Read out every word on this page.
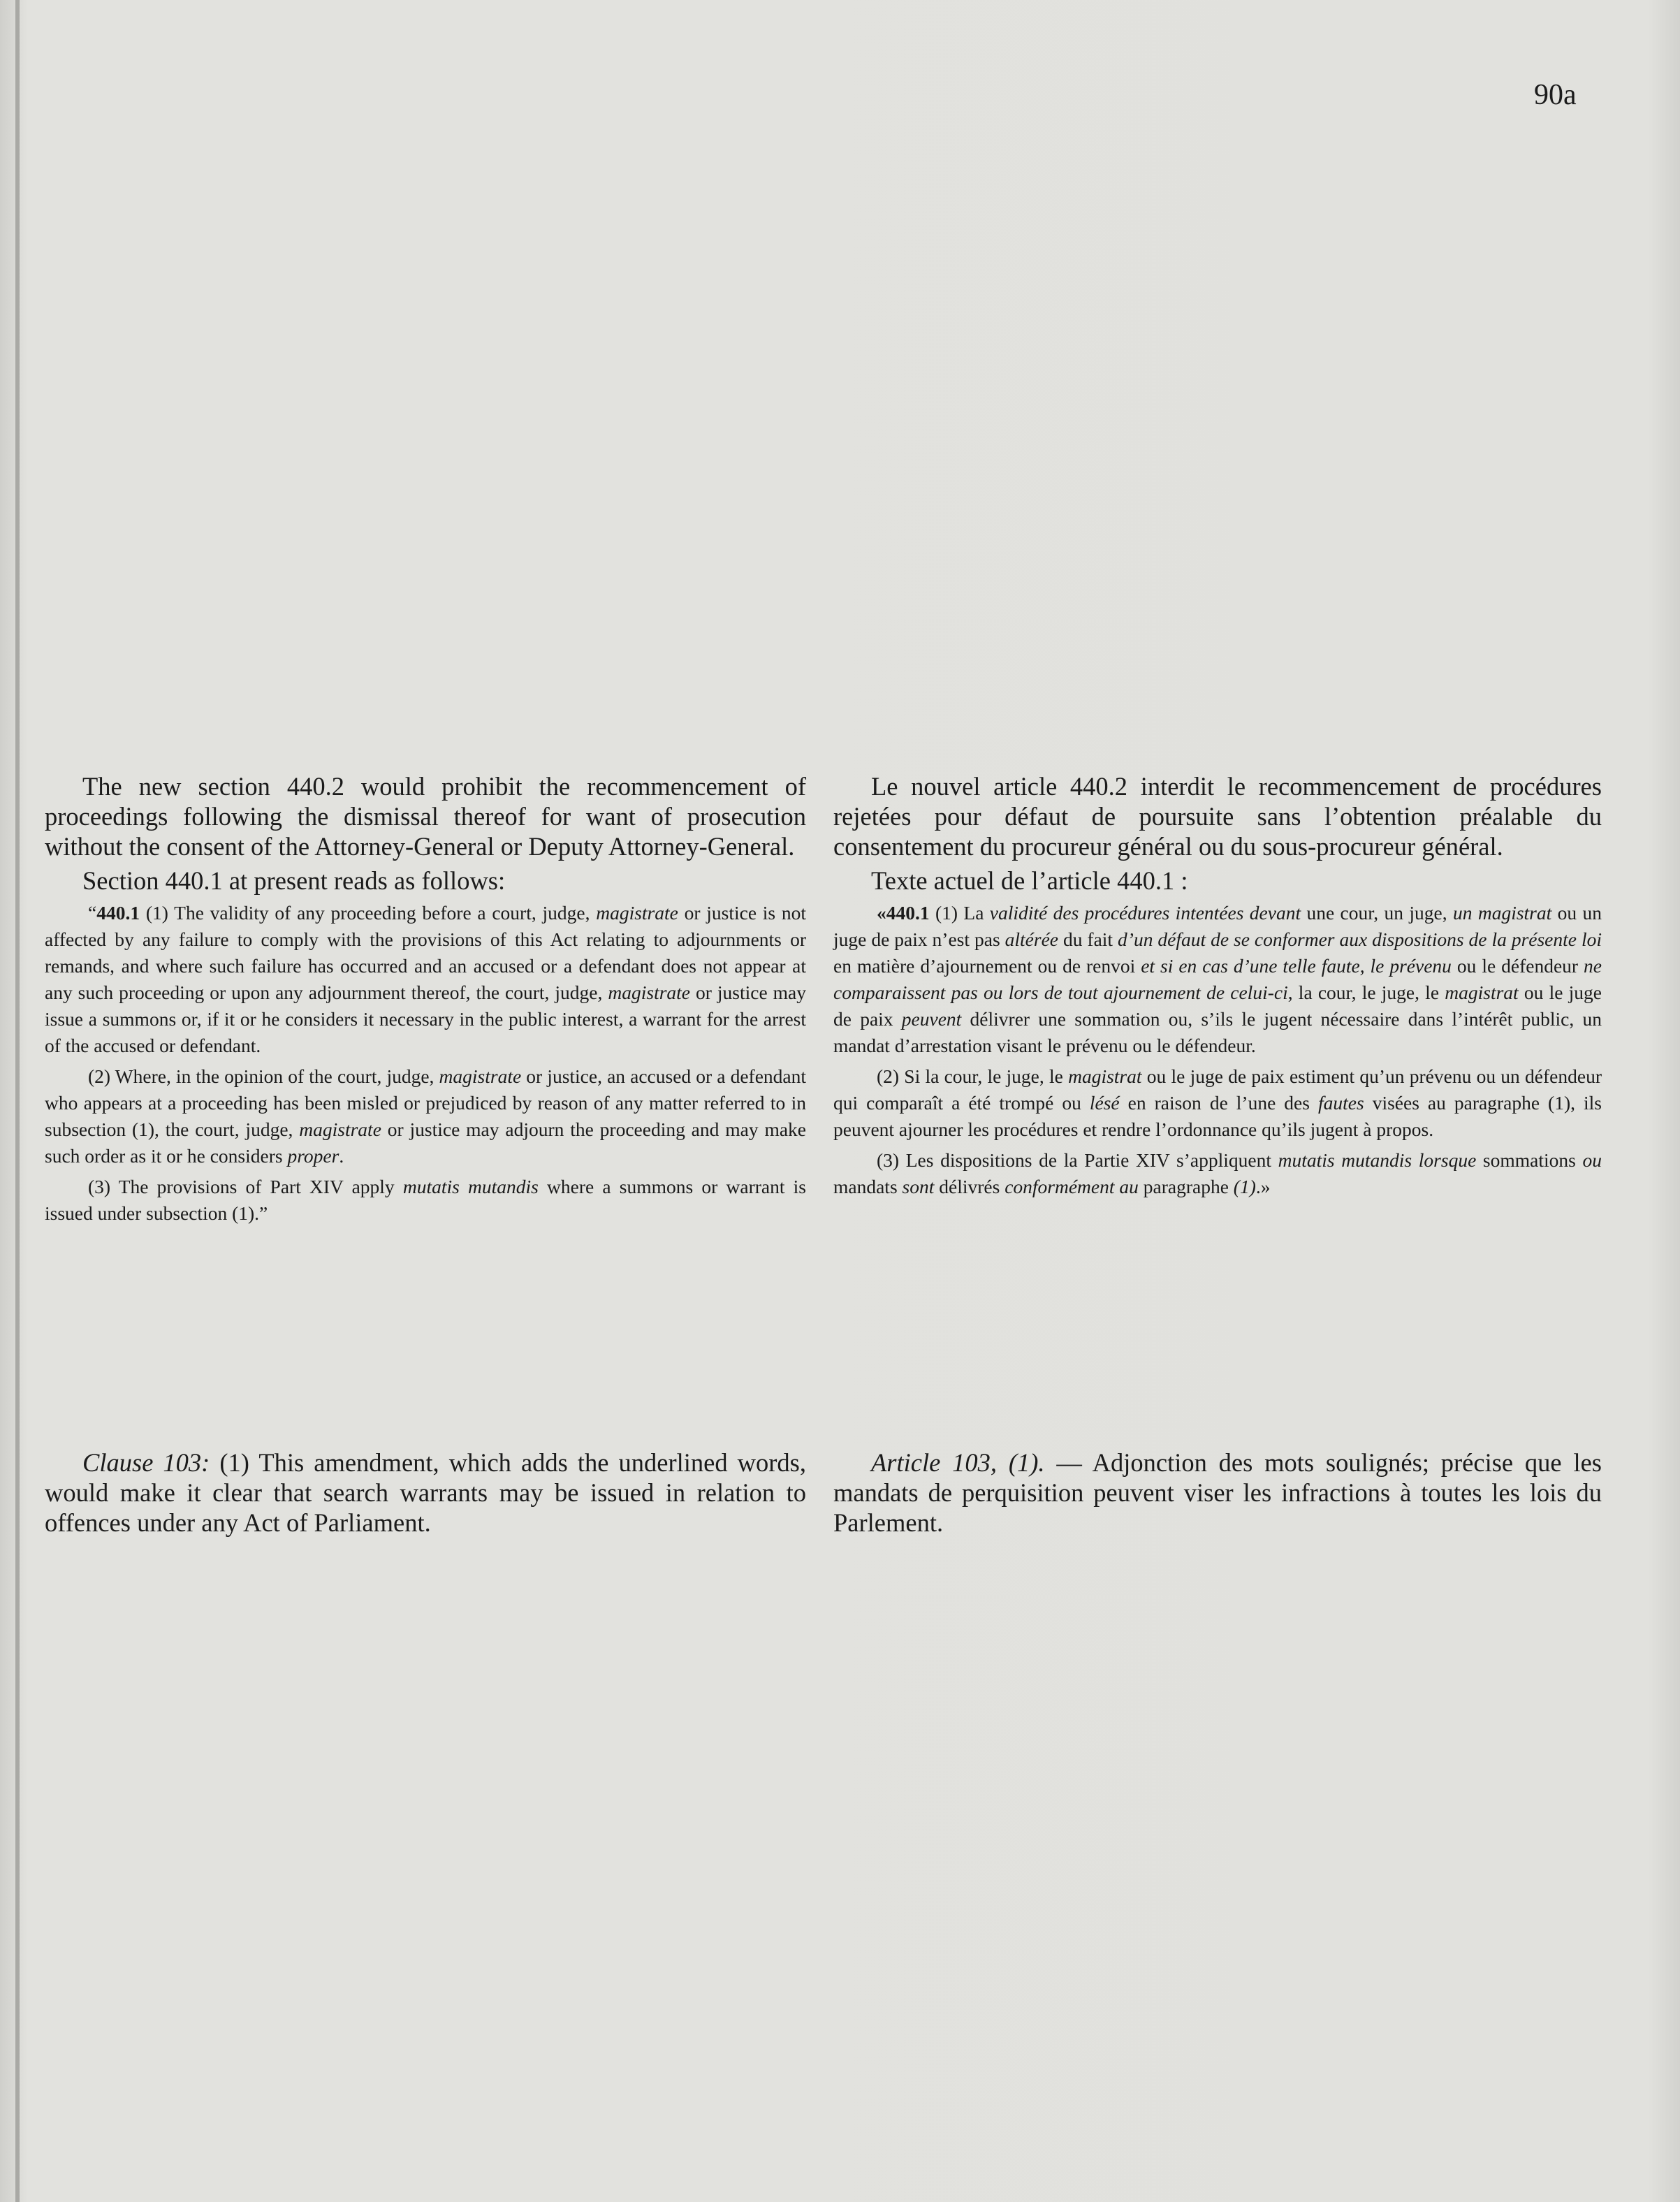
90a

The new section 440.2 would prohibit the recommencement of proceedings following the dismissal thereof for want of prosecution without the consent of the Attorney-General or Deputy Attorney-General.

Section 440.1 at present reads as follows:

“440.1 (1) The validity of any proceeding before a court, judge, magistrate or justice is not affected by any failure to comply with the provisions of this Act relating to adjournments or remands, and where such failure has occurred and an accused or a defendant does not appear at any such proceeding or upon any adjournment thereof, the court, judge, magistrate or justice may issue a summons or, if it or he considers it necessary in the public interest, a warrant for the arrest of the accused or defendant.

(2) Where, in the opinion of the court, judge, magistrate or justice, an accused or a defendant who appears at a proceeding has been misled or prejudiced by reason of any matter referred to in subsection (1), the court, judge, magistrate or justice may adjourn the proceeding and may make such order as it or he considers proper.

(3) The provisions of Part XIV apply mutatis mutandis where a summons or warrant is issued under subsection (1).”

Clause 103: (1) This amendment, which adds the underlined words, would make it clear that search warrants may be issued in relation to offences under any Act of Parliament.

Le nouvel article 440.2 interdit le recommencement de procédures rejetées pour défaut de poursuite sans l’obtention préalable du consentement du procureur général ou du sous-procureur général.

Texte actuel de l’article 440.1 :

«440.1 (1) La validité des procédures intentées devant une cour, un juge, un magistrat ou un juge de paix n’est pas altérée du fait d’un défaut de se conformer aux dispositions de la présente loi en matière d’ajournement ou de renvoi et si en cas d’une telle faute, le prévenu ou le défendeur ne comparaissent pas ou lors de tout ajournement de celui-ci, la cour, le juge, le magistrat ou le juge de paix peuvent délivrer une sommation ou, s’ils le jugent nécessaire dans l’intérêt public, un mandat d’arrestation visant le prévenu ou le défendeur.

(2) Si la cour, le juge, le magistrat ou le juge de paix estiment qu’un prévenu ou un défendeur qui comparaît a été trompé ou lésé en raison de l’une des fautes visées au paragraphe (1), ils peuvent ajourner les procédures et rendre l’ordonnance qu’ils jugent à propos.

(3) Les dispositions de la Partie XIV s’appliquent mutatis mutandis lorsque sommations ou mandats sont délivrés conformément au paragraphe (1).»

Article 103, (1). — Adjonction des mots soulignés; précise que les mandats de perquisition peuvent viser les infractions à toutes les lois du Parlement.
